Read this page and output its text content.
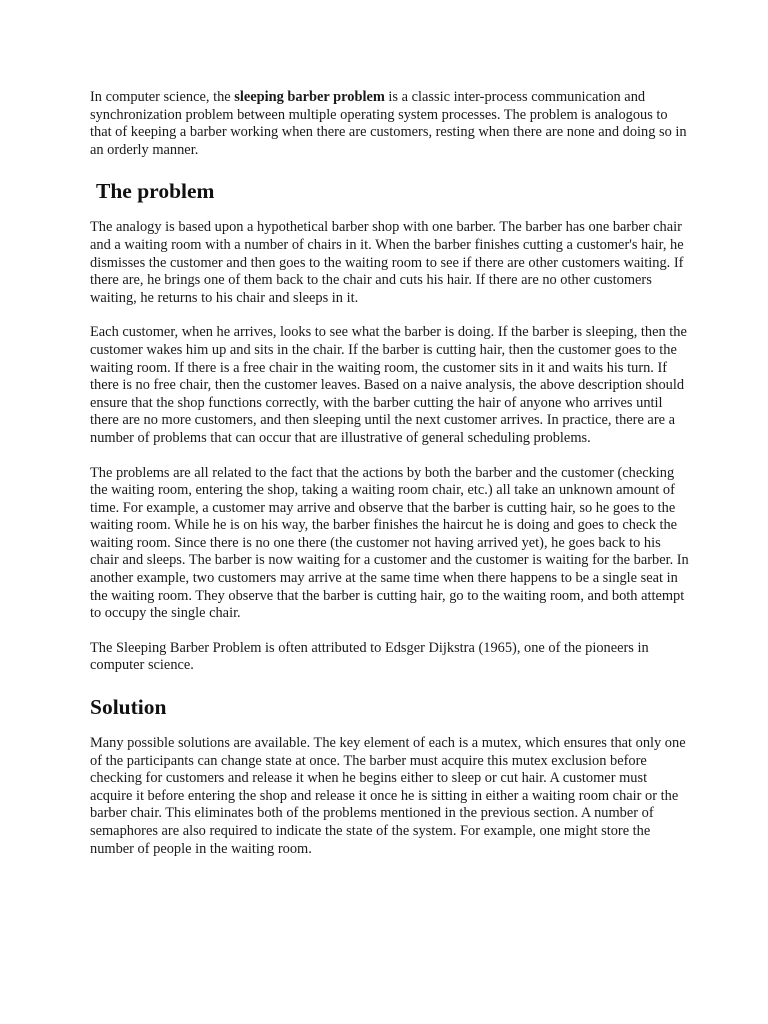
In computer science, the sleeping barber problem is a classic inter-process communication and synchronization problem between multiple operating system processes. The problem is analogous to that of keeping a barber working when there are customers, resting when there are none and doing so in an orderly manner.

The problem

The analogy is based upon a hypothetical barber shop with one barber. The barber has one barber chair and a waiting room with a number of chairs in it. When the barber finishes cutting a customer's hair, he dismisses the customer and then goes to the waiting room to see if there are other customers waiting. If there are, he brings one of them back to the chair and cuts his hair. If there are no other customers waiting, he returns to his chair and sleeps in it.

Each customer, when he arrives, looks to see what the barber is doing. If the barber is sleeping, then the customer wakes him up and sits in the chair. If the barber is cutting hair, then the customer goes to the waiting room. If there is a free chair in the waiting room, the customer sits in it and waits his turn. If there is no free chair, then the customer leaves. Based on a naive analysis, the above description should ensure that the shop functions correctly, with the barber cutting the hair of anyone who arrives until there are no more customers, and then sleeping until the next customer arrives. In practice, there are a number of problems that can occur that are illustrative of general scheduling problems.

The problems are all related to the fact that the actions by both the barber and the customer (checking the waiting room, entering the shop, taking a waiting room chair, etc.) all take an unknown amount of time. For example, a customer may arrive and observe that the barber is cutting hair, so he goes to the waiting room. While he is on his way, the barber finishes the haircut he is doing and goes to check the waiting room. Since there is no one there (the customer not having arrived yet), he goes back to his chair and sleeps. The barber is now waiting for a customer and the customer is waiting for the barber. In another example, two customers may arrive at the same time when there happens to be a single seat in the waiting room. They observe that the barber is cutting hair, go to the waiting room, and both attempt to occupy the single chair.

The Sleeping Barber Problem is often attributed to Edsger Dijkstra (1965), one of the pioneers in computer science.

Solution

Many possible solutions are available. The key element of each is a mutex, which ensures that only one of the participants can change state at once. The barber must acquire this mutex exclusion before checking for customers and release it when he begins either to sleep or cut hair. A customer must acquire it before entering the shop and release it once he is sitting in either a waiting room chair or the barber chair. This eliminates both of the problems mentioned in the previous section. A number of semaphores are also required to indicate the state of the system. For example, one might store the number of people in the waiting room.
